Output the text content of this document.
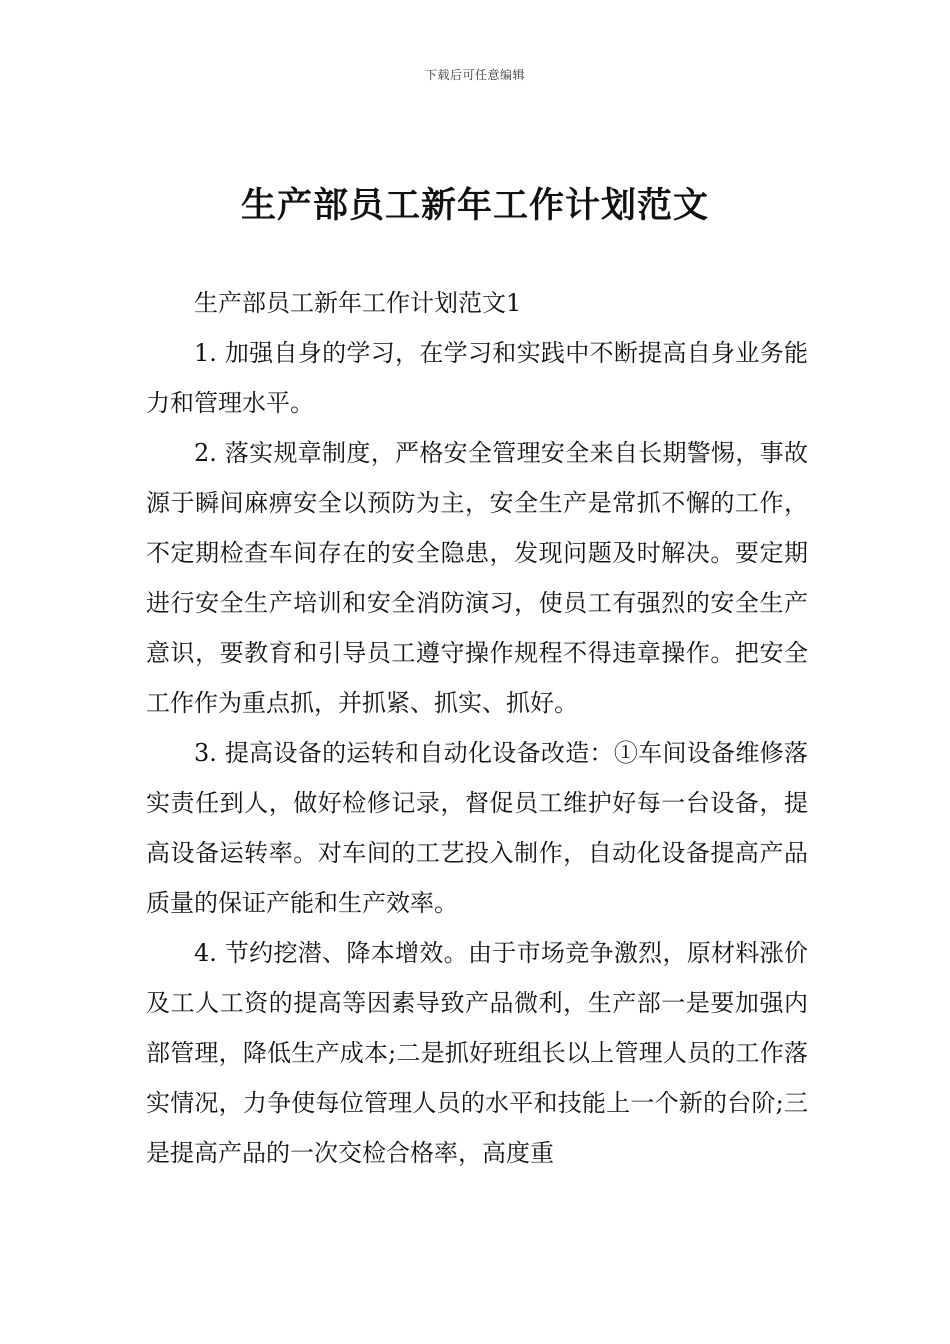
下载后可任意编辑
生产部员工新年工作计划范文

生产部员工新年工作计划范文1

1. 加强自身的学习，在学习和实践中不断提高自身业务能力和管理水平。

2. 落实规章制度，严格安全管理安全来自长期警惕，事故源于瞬间麻痹安全以预防为主，安全生产是常抓不懈的工作，不定期检查车间存在的安全隐患，发现问题及时解决。要定期进行安全生产培训和安全消防演习，使员工有强烈的安全生产意识，要教育和引导员工遵守操作规程不得违章操作。把安全工作作为重点抓，并抓紧、抓实、抓好。

3. 提高设备的运转和自动化设备改造：①车间设备维修落实责任到人，做好检修记录，督促员工维护好每一台设备，提高设备运转率。对车间的工艺投入制作，自动化设备提高产品质量的保证产能和生产效率。

4. 节约挖潜、降本增效。由于市场竞争激烈，原材料涨价及工人工资的提高等因素导致产品微利，生产部一是要加强内部管理，降低生产成本;二是抓好班组长以上管理人员的工作落实情况，力争使每位管理人员的水平和技能上一个新的台阶;三是提高产品的一次交检合格率，高度重
